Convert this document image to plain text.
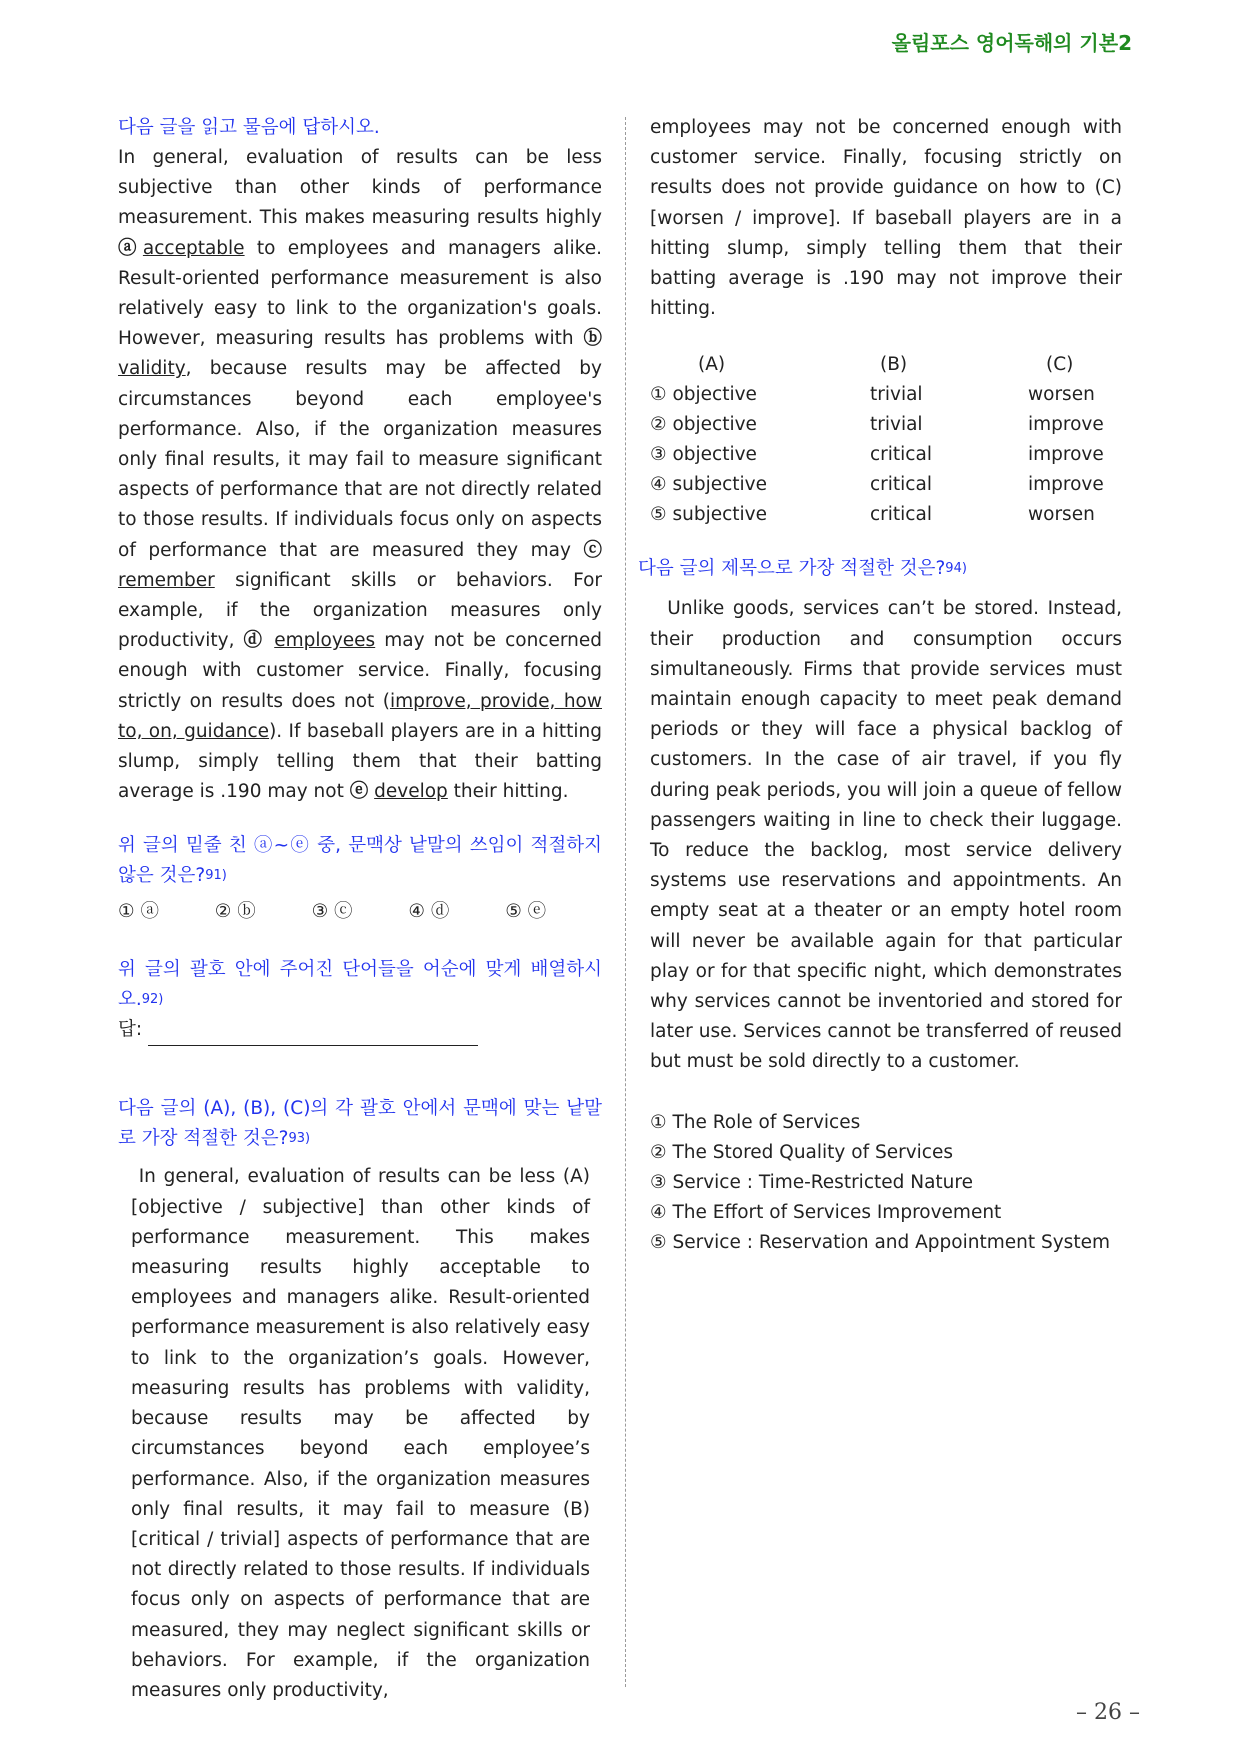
올림포스 영어독해의 기본2

다음 글을 읽고 물음에 답하시오.

In general, evaluation of results can be less subjective than other kinds of performance measurement. This makes measuring results highly ⓐacceptable to employees and managers alike. Result-oriented performance measurement is also relatively easy to link to the organization's goals. However, measuring results has problems with ⓑ validity, because results may be affected by circumstances beyond each employee's performance. Also, if the organization measures only final results, it may fail to measure significant aspects of performance that are not directly related to those results. If individuals focus only on aspects of performance that are measured they may ⓒ remember significant skills or behaviors. For example, if the organization measures only productivity, ⓓ employees may not be concerned enough with customer service. Finally, focusing strictly on results does not (improve, provide, how to, on, guidance). If baseball players are in a hitting slump, simply telling them that their batting average is .190 may not ⓔ develop their hitting.

위 글의 밑줄 친 ⓐ~ⓔ 중, 문맥상 낱말의 쓰임이 적절하지 않은 것은?$^{91)}$

① ⓐ	② ⓑ	③ ⓒ	④ ⓓ	⑤ ⓔ

위 글의 괄호 안에 주어진 단어들을 어순에 맞게 배열하시오.$^{92)}$

답:

다음 글의 (A), (B), (C)의 각 괄호 안에서 문맥에 맞는 낱말로 가장 적절한 것은?$^{93)}$

In general, evaluation of results can be less (A)[objective / subjective] than other kinds of performance measurement. This makes measuring results highly acceptable to employees and managers alike. Result-oriented performance measurement is also relatively easy to link to the organization’s goals. However, measuring results has problems with validity, because results may be affected by circumstances beyond each employee’s performance. Also, if the organization measures only final results, it may fail to measure (B)[critical / trivial] aspects of performance that are not directly related to those results. If individuals focus only on aspects of performance that are measured, they may neglect significant skills or behaviors. For example, if the organization measures only productivity,

employees may not be concerned enough with customer service. Finally, focusing strictly on results does not provide guidance on how to (C)[worsen / improve]. If baseball players are in a hitting slump, simply telling them that their batting average is .190 may not improve their hitting.

(A)	(B)	(C)
① objective	trivial	worsen
② objective	trivial	improve
③ objective	critical	improve
④ subjective	critical	improve
⑤ subjective	critical	worsen

다음 글의 제목으로 가장 적절한 것은?$^{94)}$

Unlike goods, services can’t be stored. Instead, their production and consumption occurs simultaneously. Firms that provide services must maintain enough capacity to meet peak demand periods or they will face a physical backlog of customers. In the case of air travel, if you fly during peak periods, you will join a queue of fellow passengers waiting in line to check their luggage. To reduce the backlog, most service delivery systems use reservations and appointments. An empty seat at a theater or an empty hotel room will never be available again for that particular play or for that specific night, which demonstrates why services cannot be inventoried and stored for later use. Services cannot be transferred of reused but must be sold directly to a customer.

① The Role of Services
② The Stored Quality of Services
③ Service : Time-Restricted Nature
④ The Effort of Services Improvement
⑤ Service : Reservation and Appointment System
– 26 –
